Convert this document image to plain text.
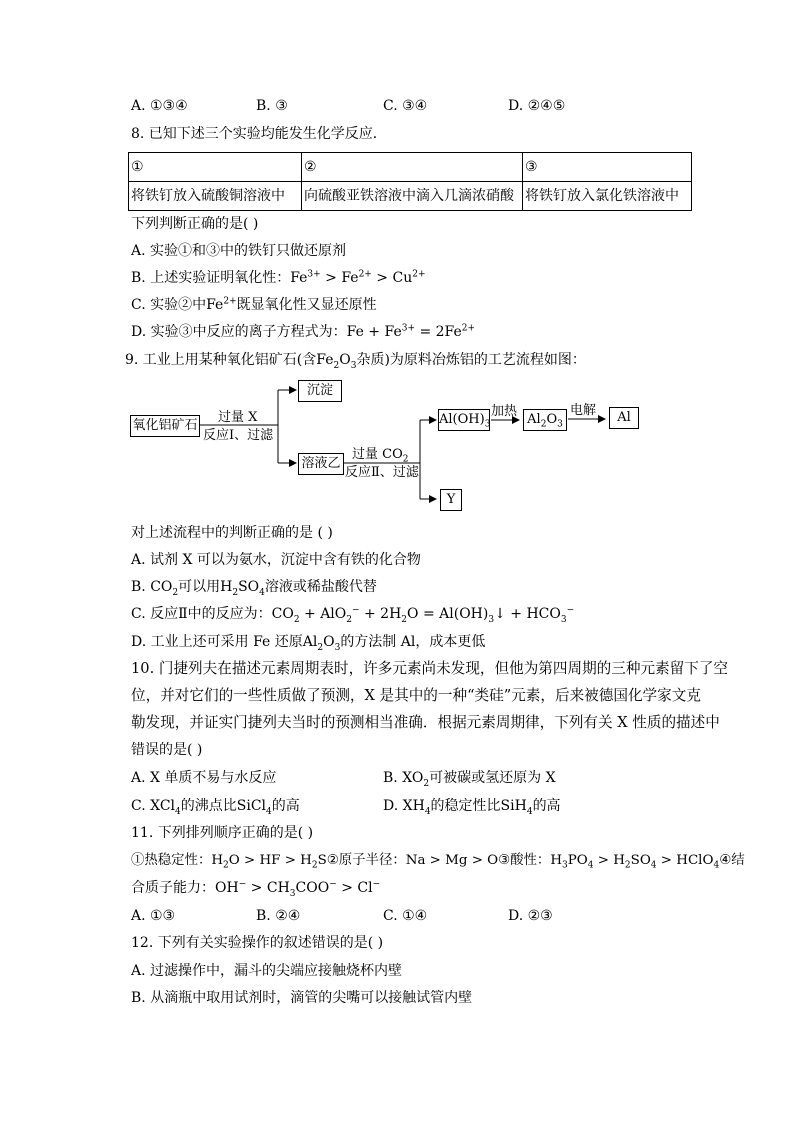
A. ①③④	B. ③	C. ③④	D. ②④⑤
8. 已知下述三个实验均能发生化学反应．
①	②	③
将铁钉放入硫酸铜溶液中	向硫酸亚铁溶液中滴入几滴浓硝酸	将铁钉放入氯化铁溶液中
下列判断正确的是( )
A. 实验①和③中的铁钉只做还原剂
B. 上述实验证明氧化性：$Fe^{3+} > Fe^{2+} > Cu^{2+}$
C. 实验②中$Fe^{2+}$既显氧化性又显还原性
D. 实验③中反应的离子方程式为：$Fe + Fe^{3+} = 2Fe^{2+}$
9. 工业上用某种氧化铝矿石(含$Fe_2O_3$杂质)为原料冶炼铝的工艺流程如图：
氧化铝矿石
过量 X
反应Ⅰ、过滤
沉淀
溶液乙
过量 $CO_2$
反应Ⅱ、过滤
$Al(OH)_3$
加热
$Al_2O_3$
电解	Al
Y
对上述流程中的判断正确的是 ( )
A. 试剂 X 可以为氨水，沉淀中含有铁的化合物
B. $CO_2$可以用$H_2SO_4$溶液或稀盐酸代替
C. 反应Ⅱ中的反应为：$CO_2 + AlO_2^- + 2H_2O$ = $Al(OH)_3↓ + HCO_3^-$
D. 工业上还可采用 Fe 还原$Al_2O_3$的方法制 Al，成本更低
10. 门捷列夫在描述元素周期表时，许多元素尚未发现，但他为第四周期的三种元素留下了空
位，并对它们的一些性质做了预测，X 是其中的一种“类硅”元素，后来被德国化学家文克
勒发现，并证实门捷列夫当时的预测相当准确．根据元素周期律，下列有关 X 性质的描述中
错误的是( )
A. X 单质不易与水反应	B. $XO_2$可被碳或氢还原为 X
C. XCl$_4$的沸点比SiCl$_4$的高	D. $XH_4$的稳定性比SiH$_4$的高
11. 下列排列顺序正确的是( )
①热稳定性：$H_2O$ > HF > $H_2S②$原子半径：Na > Mg > O③酸性：$H_3PO_4 > H_2SO_4$ > HClO$_4$④结
合质子能力：$OH^- > CH_3COO^- > Cl^-$
A. ①③	B. ②④	C. ①④	D. ②③
12. 下列有关实验操作的叙述错误的是( )
A. 过滤操作中，漏斗的尖端应接触烧杯内壁
B. 从滴瓶中取用试剂时，滴管的尖嘴可以接触试管内壁
